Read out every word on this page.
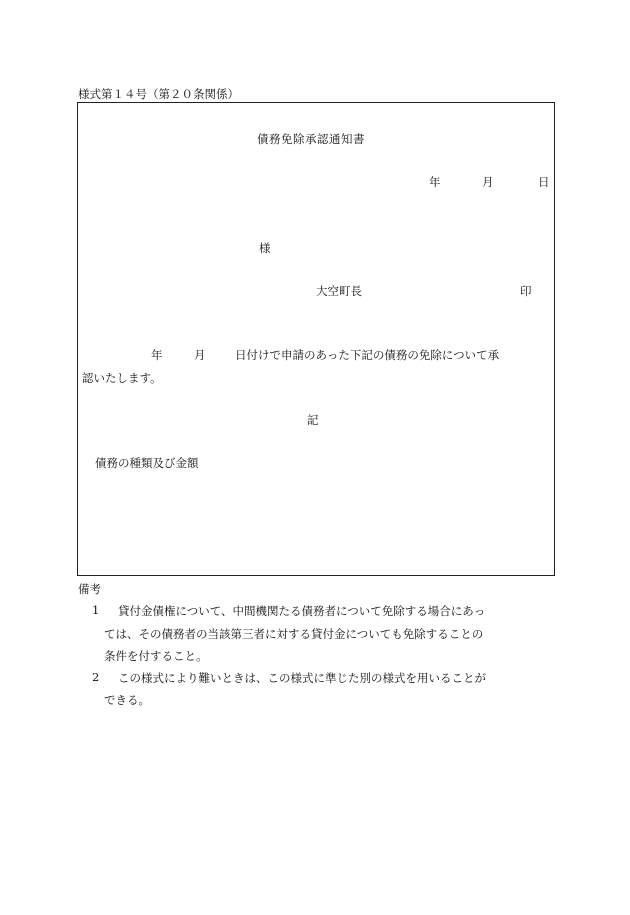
様式第１４号（第２０条関係）
債務免除承認通知書
年	月	日
様
大空町長	印
年	月	日付けで申請のあった下記の債務の免除について承
認いたします。
記
債務の種類及び金額
備考
1 貸付金債権について、中間機関たる債務者について免除する場合にあっ
ては、その債務者の当該第三者に対する貸付金についても免除することの
条件を付すること。
2 この様式により難いときは、この様式に準じた別の様式を用いることが
できる。
